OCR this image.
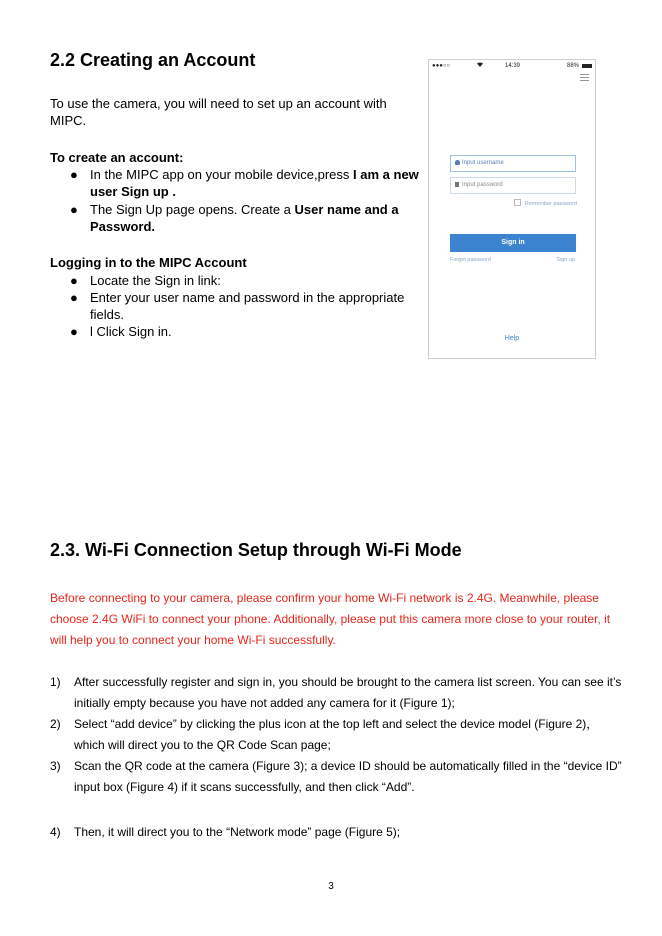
2.2 Creating an Account
To use the camera, you will need to set up an account with MIPC.
To create an account:
● In the MIPC app on your mobile device,press I am a new user Sign up .
● The Sign Up page opens. Create a User name and a Password.
Logging in to the MIPC Account
● Locate the Sign in link:
● Enter your user name and password in the appropriate fields.
● l Click Sign in.
●●●○○	14:39	88%
Input username
Input password
Remember password
Sign in
Forget password	Sign up
Help
2.3. Wi-Fi Connection Setup through Wi-Fi Mode
Before connecting to your camera, please confirm your home Wi-Fi network is 2.4G. Meanwhile, please choose 2.4G WiFi to connect your phone. Additionally, please put this camera more close to your router, it will help you to connect your home Wi-Fi successfully.
1) After successfully register and sign in, you should be brought to the camera list screen. You can see it’s initially empty because you have not added any camera for it (Figure 1);
2) Select “add device” by clicking the plus icon at the top left and select the device model (Figure 2)，which will direct you to the QR Code Scan page;
3) Scan the QR code at the camera (Figure 3); a device ID should be automatically filled in the “device ID” input box (Figure 4) if it scans successfully, and then click “Add”.
4) Then, it will direct you to the “Network mode” page (Figure 5);
3
